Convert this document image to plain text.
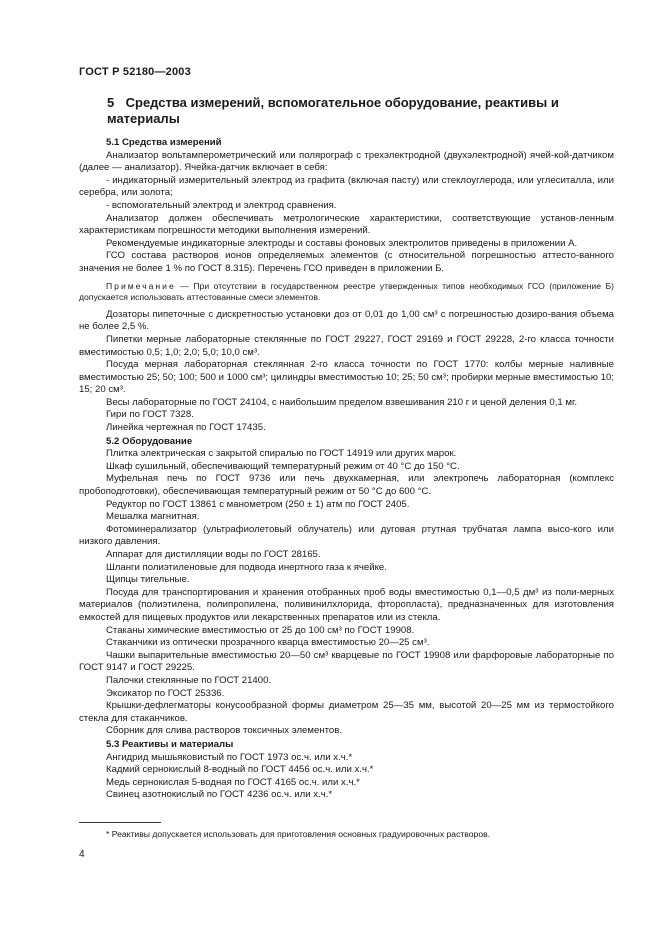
ГОСТ Р 52180—2003
5 Средства измерений, вспомогательное оборудование, реактивы и материалы

5.1 Средства измерений

Анализатор вольтамперометрический или полярограф с трехэлектродной (двухэлектродной) ячей-кой-датчиком (далее — анализатор). Ячейка-датчик включает в себя:

- индикаторный измерительный электрод из графита (включая пасту) или стеклоуглерода, или углеситалла, или серебра, или золота;

- вспомогательный электрод и электрод сравнения.

Анализатор должен обеспечивать метрологические характеристики, соответствующие установ-ленным характеристикам погрешности методики выполнения измерений.

Рекомендуемые индикаторные электроды и составы фоновых электролитов приведены в приложении А.

ГСО состава растворов ионов определяемых элементов (с относительной погрешностью аттесто-ванного значения не более 1 % по ГОСТ 8.315). Перечень ГСО приведен в приложении Б.

Примечание — При отсутствии в государственном реестре утвержденных типов необходимых ГСО (приложение Б) допускается использовать аттестованные смеси элементов.

Дозаторы пипеточные с дискретностью установки доз от 0,01 до 1,00 см³ с погрешностью дозиро-вания объема не более 2,5 %.

Пипетки мерные лабораторные стеклянные по ГОСТ 29227, ГОСТ 29169 и ГОСТ 29228, 2-го класса точности вместимостью 0,5; 1,0; 2,0; 5,0; 10,0 см³.

Посуда мерная лабораторная стеклянная 2-го класса точности по ГОСТ 1770: колбы мерные наливные вместимостью 25; 50; 100; 500 и 1000 см³; цилиндры вместимостью 10; 25; 50 см³; пробирки мерные вместимостью 10; 15; 20 см³.

Весы лабораторные по ГОСТ 24104, с наибольшим пределом взвешивания 210 г и ценой деления 0,1 мг.

Гири по ГОСТ 7328.

Линейка чертежная по ГОСТ 17435.

5.2 Оборудование

Плитка электрическая с закрытой спиралью по ГОСТ 14919 или других марок.

Шкаф сушильный, обеспечивающий температурный режим от 40 °С до 150 °С.

Муфельная печь по ГОСТ 9736 или печь двухкамерная, или электропечь лабораторная (комплекс пробоподготовки), обеспечивающая температурный режим от 50 °С до 600 °С.

Редуктор по ГОСТ 13861 с манометром (250 ± 1) атм по ГОСТ 2405.

Мешалка магнитная.

Фотоминерализатор (ультрафиолетовый облучатель) или дуговая ртутная трубчатая лампа высо-кого или низкого давления.

Аппарат для дистилляции воды по ГОСТ 28165.

Шланги полиэтиленовые для подвода инертного газа к ячейке.

Щипцы тигельные.

Посуда для транспортирования и хранения отобранных проб воды вместимостью 0,1—0,5 дм³ из поли-мерных материалов (полиэтилена, полипропилена, поливинилхлорида, фторопласта), предназначенных для изготовления емкостей для пищевых продуктов или лекарственных препаратов или из стекла.

Стаканы химические вместимостью от 25 до 100 см³ по ГОСТ 19908.

Стаканчики из оптически прозрачного кварца вместимостью 20—25 см³.

Чашки выпарительные вместимостью 20—50 см³ кварцевые по ГОСТ 19908 или фарфоровые лабораторные по ГОСТ 9147 и ГОСТ 29225.

Палочки стеклянные по ГОСТ 21400.

Эксикатор по ГОСТ 25336.

Крышки-дефлегматоры конусообразной формы диаметром 25—35 мм, высотой 20—25 мм из термостойкого стекла для стаканчиков.

Сборник для слива растворов токсичных элементов.

5.3 Реактивы и материалы

Ангидрид мышьяковистый по ГОСТ 1973 ос.ч. или х.ч.*

Кадмий сернокислый 8-водный по ГОСТ 4456 ос.ч. или х.ч.*

Медь сернокислая 5-водная по ГОСТ 4165 ос.ч. или х.ч.*

Свинец азотнокислый по ГОСТ 4236 ос.ч. или х.ч.*

* Реактивы допускается использовать для приготовления основных градуировочных растворов.
4
